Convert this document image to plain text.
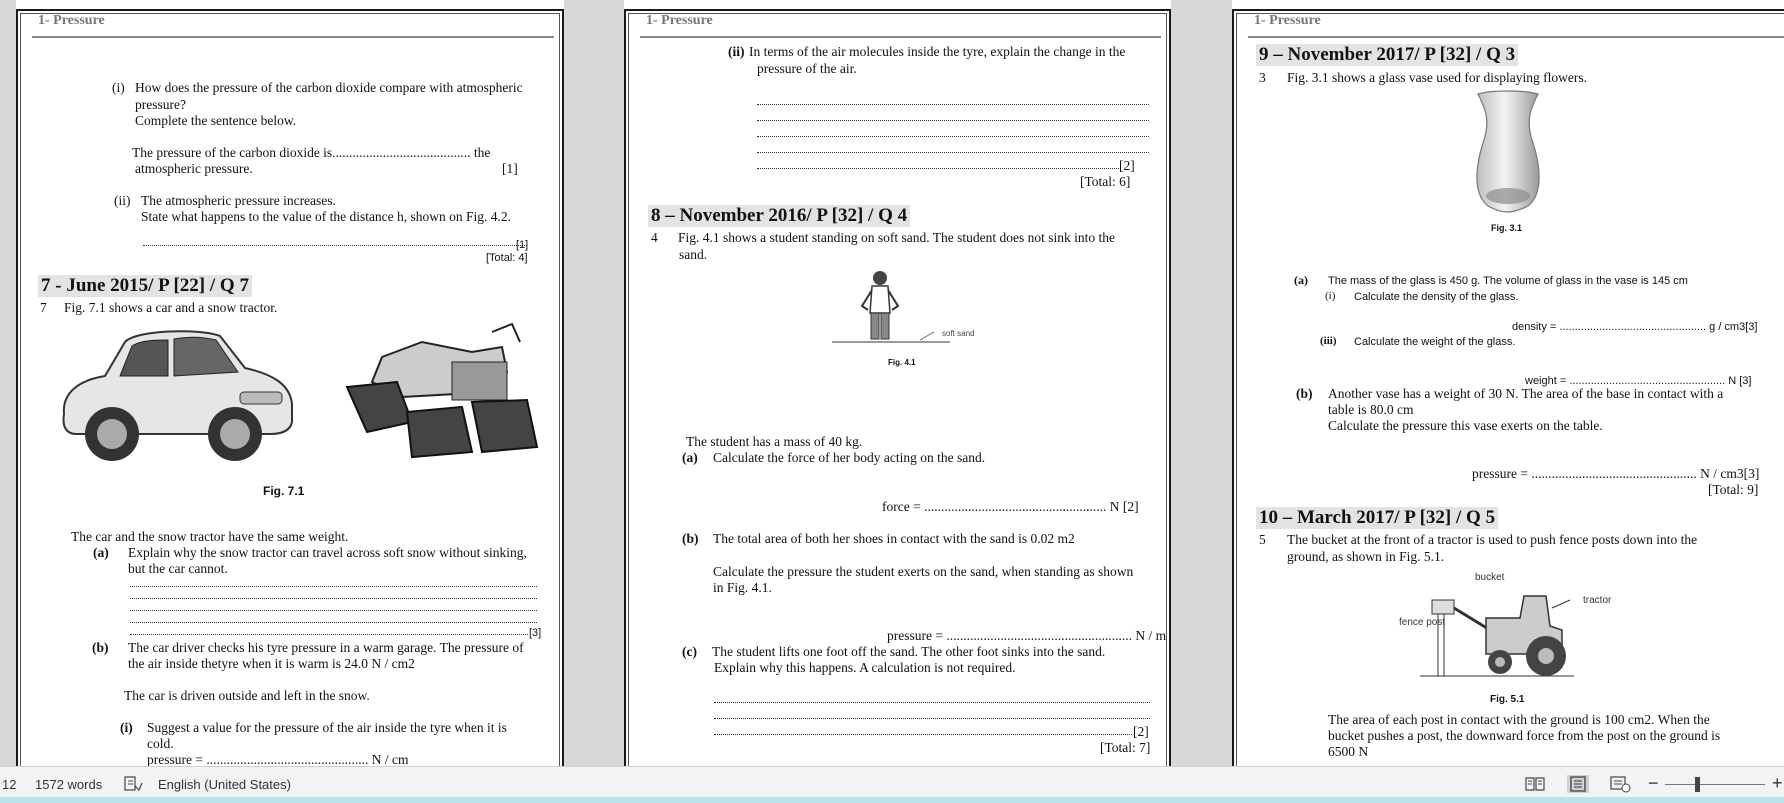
1- Pressure
(i) How does the pressure of the carbon dioxide compare with atmospheric
pressure?
Complete the sentence below.
The pressure of the carbon dioxide is......................................... the
atmospheric pressure.	[1]
(ii) The atmospheric pressure increases.
State what happens to the value of the distance h, shown on Fig. 4.2.
[1]
[Total: 4]
7 - June 2015/ P [22] / Q 7
7 Fig. 7.1 shows a car and a snow tractor.
Fig. 7.1
The car and the snow tractor have the same weight.
(a) Explain why the snow tractor can travel across soft snow without sinking,
but the car cannot.
[3]
(b) The car driver checks his tyre pressure in a warm garage. The pressure of
the air inside thetyre when it is warm is 24.0 N / cm2
The car is driven outside and left in the snow.
(i) Suggest a value for the pressure of the air inside the tyre when it is
cold.
pressure = ................................................ N / cm
1- Pressure
(ii) In terms of the air molecules inside the tyre, explain the change in the
pressure of the air.
[2]
[Total: 6]
8 – November 2016/ P [32] / Q 4
4 Fig. 4.1 shows a student standing on soft sand. The student does not sink into the
sand.
soft sand
Fig. 4.1
The student has a mass of 40 kg.
(a) Calculate the force of her body acting on the sand.
force = ...................................................... N [2]
(b) The total area of both her shoes in contact with the sand is 0.02 m2
Calculate the pressure the student exerts on the sand, when standing as shown
in Fig. 4.1.
pressure = ....................................................... N / m
(c) The student lifts one foot off the sand. The other foot sinks into the sand.
Explain why this happens. A calculation is not required.
[2]
[Total: 7]
1- Pressure
9 – November 2017/ P [32] / Q 3
3 Fig. 3.1 shows a glass vase used for displaying flowers.
Fig. 3.1
(a) The mass of the glass is 450 g. The volume of glass in the vase is 145 cm
(i) Calculate the density of the glass.
density = ................................................ g / cm3[3]
(iii) Calculate the weight of the glass.
weight = ................................................... N [3]
(b) Another vase has a weight of 30 N. The area of the base in contact with a
table is 80.0 cm
Calculate the pressure this vase exerts on the table.
pressure = ................................................. N / cm3[3]
[Total: 9]
10 – March 2017/ P [32] / Q 5
5 The bucket at the front of a tractor is used to push fence posts down into the
ground, as shown in Fig. 5.1.
bucket
tractor
fence post
Fig. 5.1
The area of each post in contact with the ground is 100 cm2. When the
bucket pushes a post, the downward force from the post on the ground is
6500 N
12 1572 words	English (United States)	−	+
